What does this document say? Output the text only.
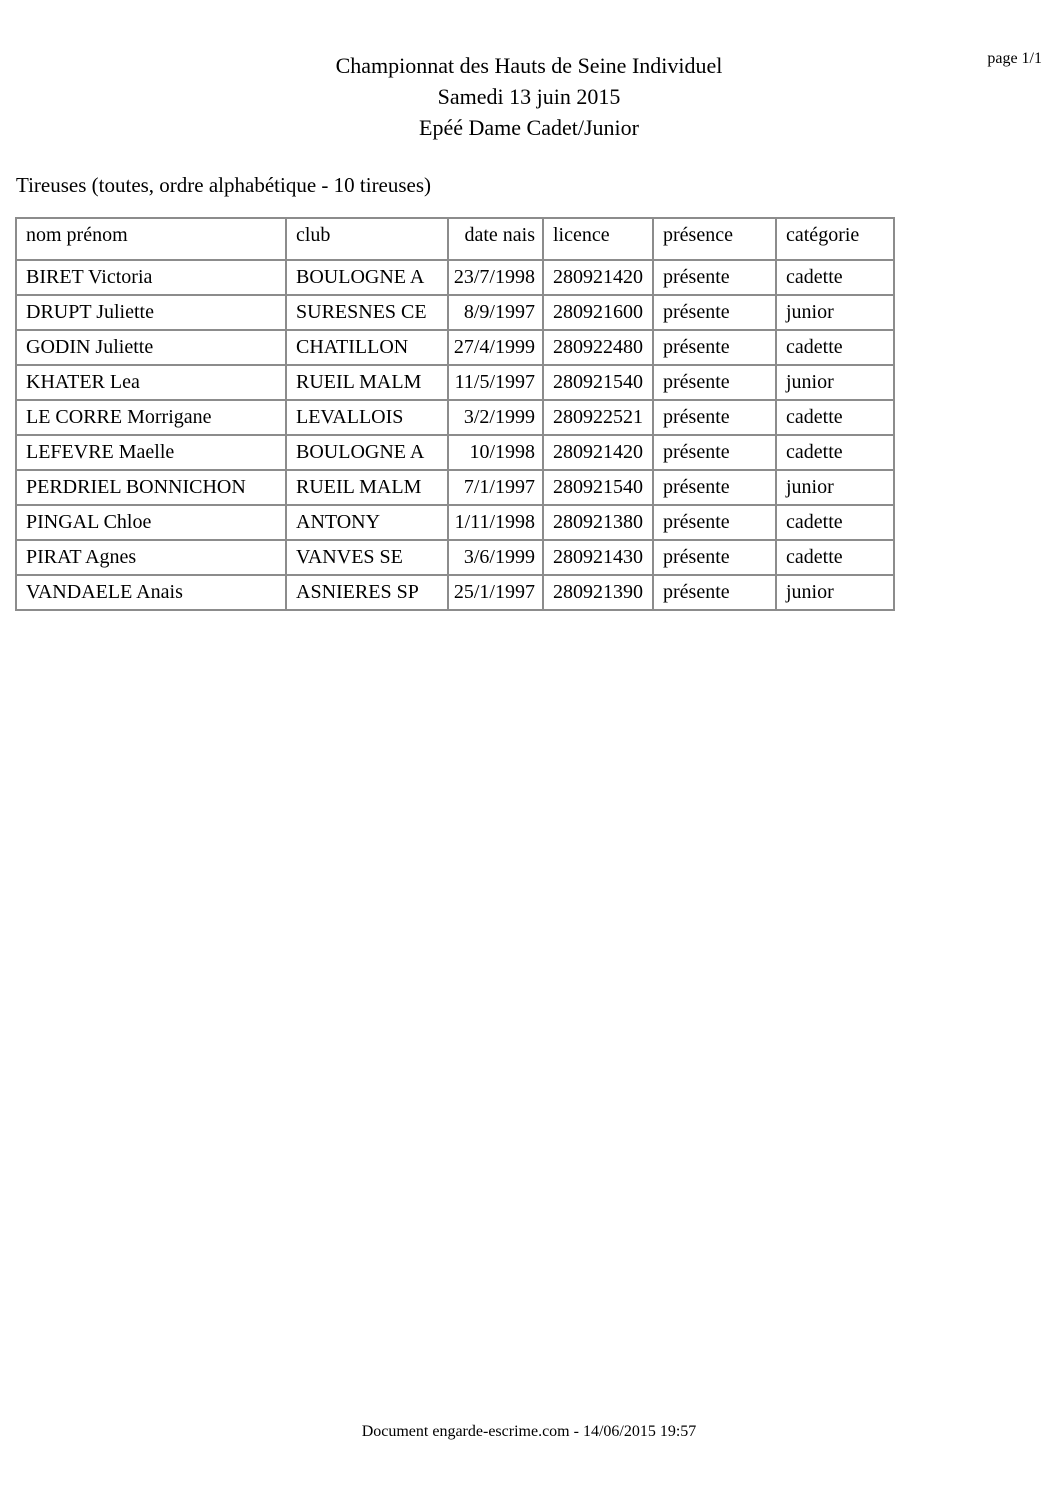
page 1/1
Championnat des Hauts de Seine Individuel
Samedi 13 juin 2015
Epéé Dame Cadet/Junior
Tireuses (toutes, ordre alphabétique - 10 tireuses)
nom prénom	club	date nais	licence	présence	catégorie
BIRET Victoria	BOULOGNE A	23/7/1998	280921420	présente	cadette
DRUPT Juliette	SURESNES CE	8/9/1997	280921600	présente	junior
GODIN Juliette	CHATILLON	27/4/1999	280922480	présente	cadette
KHATER Lea	RUEIL MALM	11/5/1997	280921540	présente	junior
LE CORRE Morrigane	LEVALLOIS	3/2/1999	280922521	présente	cadette
LEFEVRE Maelle	BOULOGNE A	10/1998	280921420	présente	cadette
PERDRIEL BONNICHON	RUEIL MALM	7/1/1997	280921540	présente	junior
PINGAL Chloe	ANTONY	1/11/1998	280921380	présente	cadette
PIRAT Agnes	VANVES SE	3/6/1999	280921430	présente	cadette
VANDAELE Anais	ASNIERES SP	25/1/1997	280921390	présente	junior
Document engarde-escrime.com - 14/06/2015 19:57
